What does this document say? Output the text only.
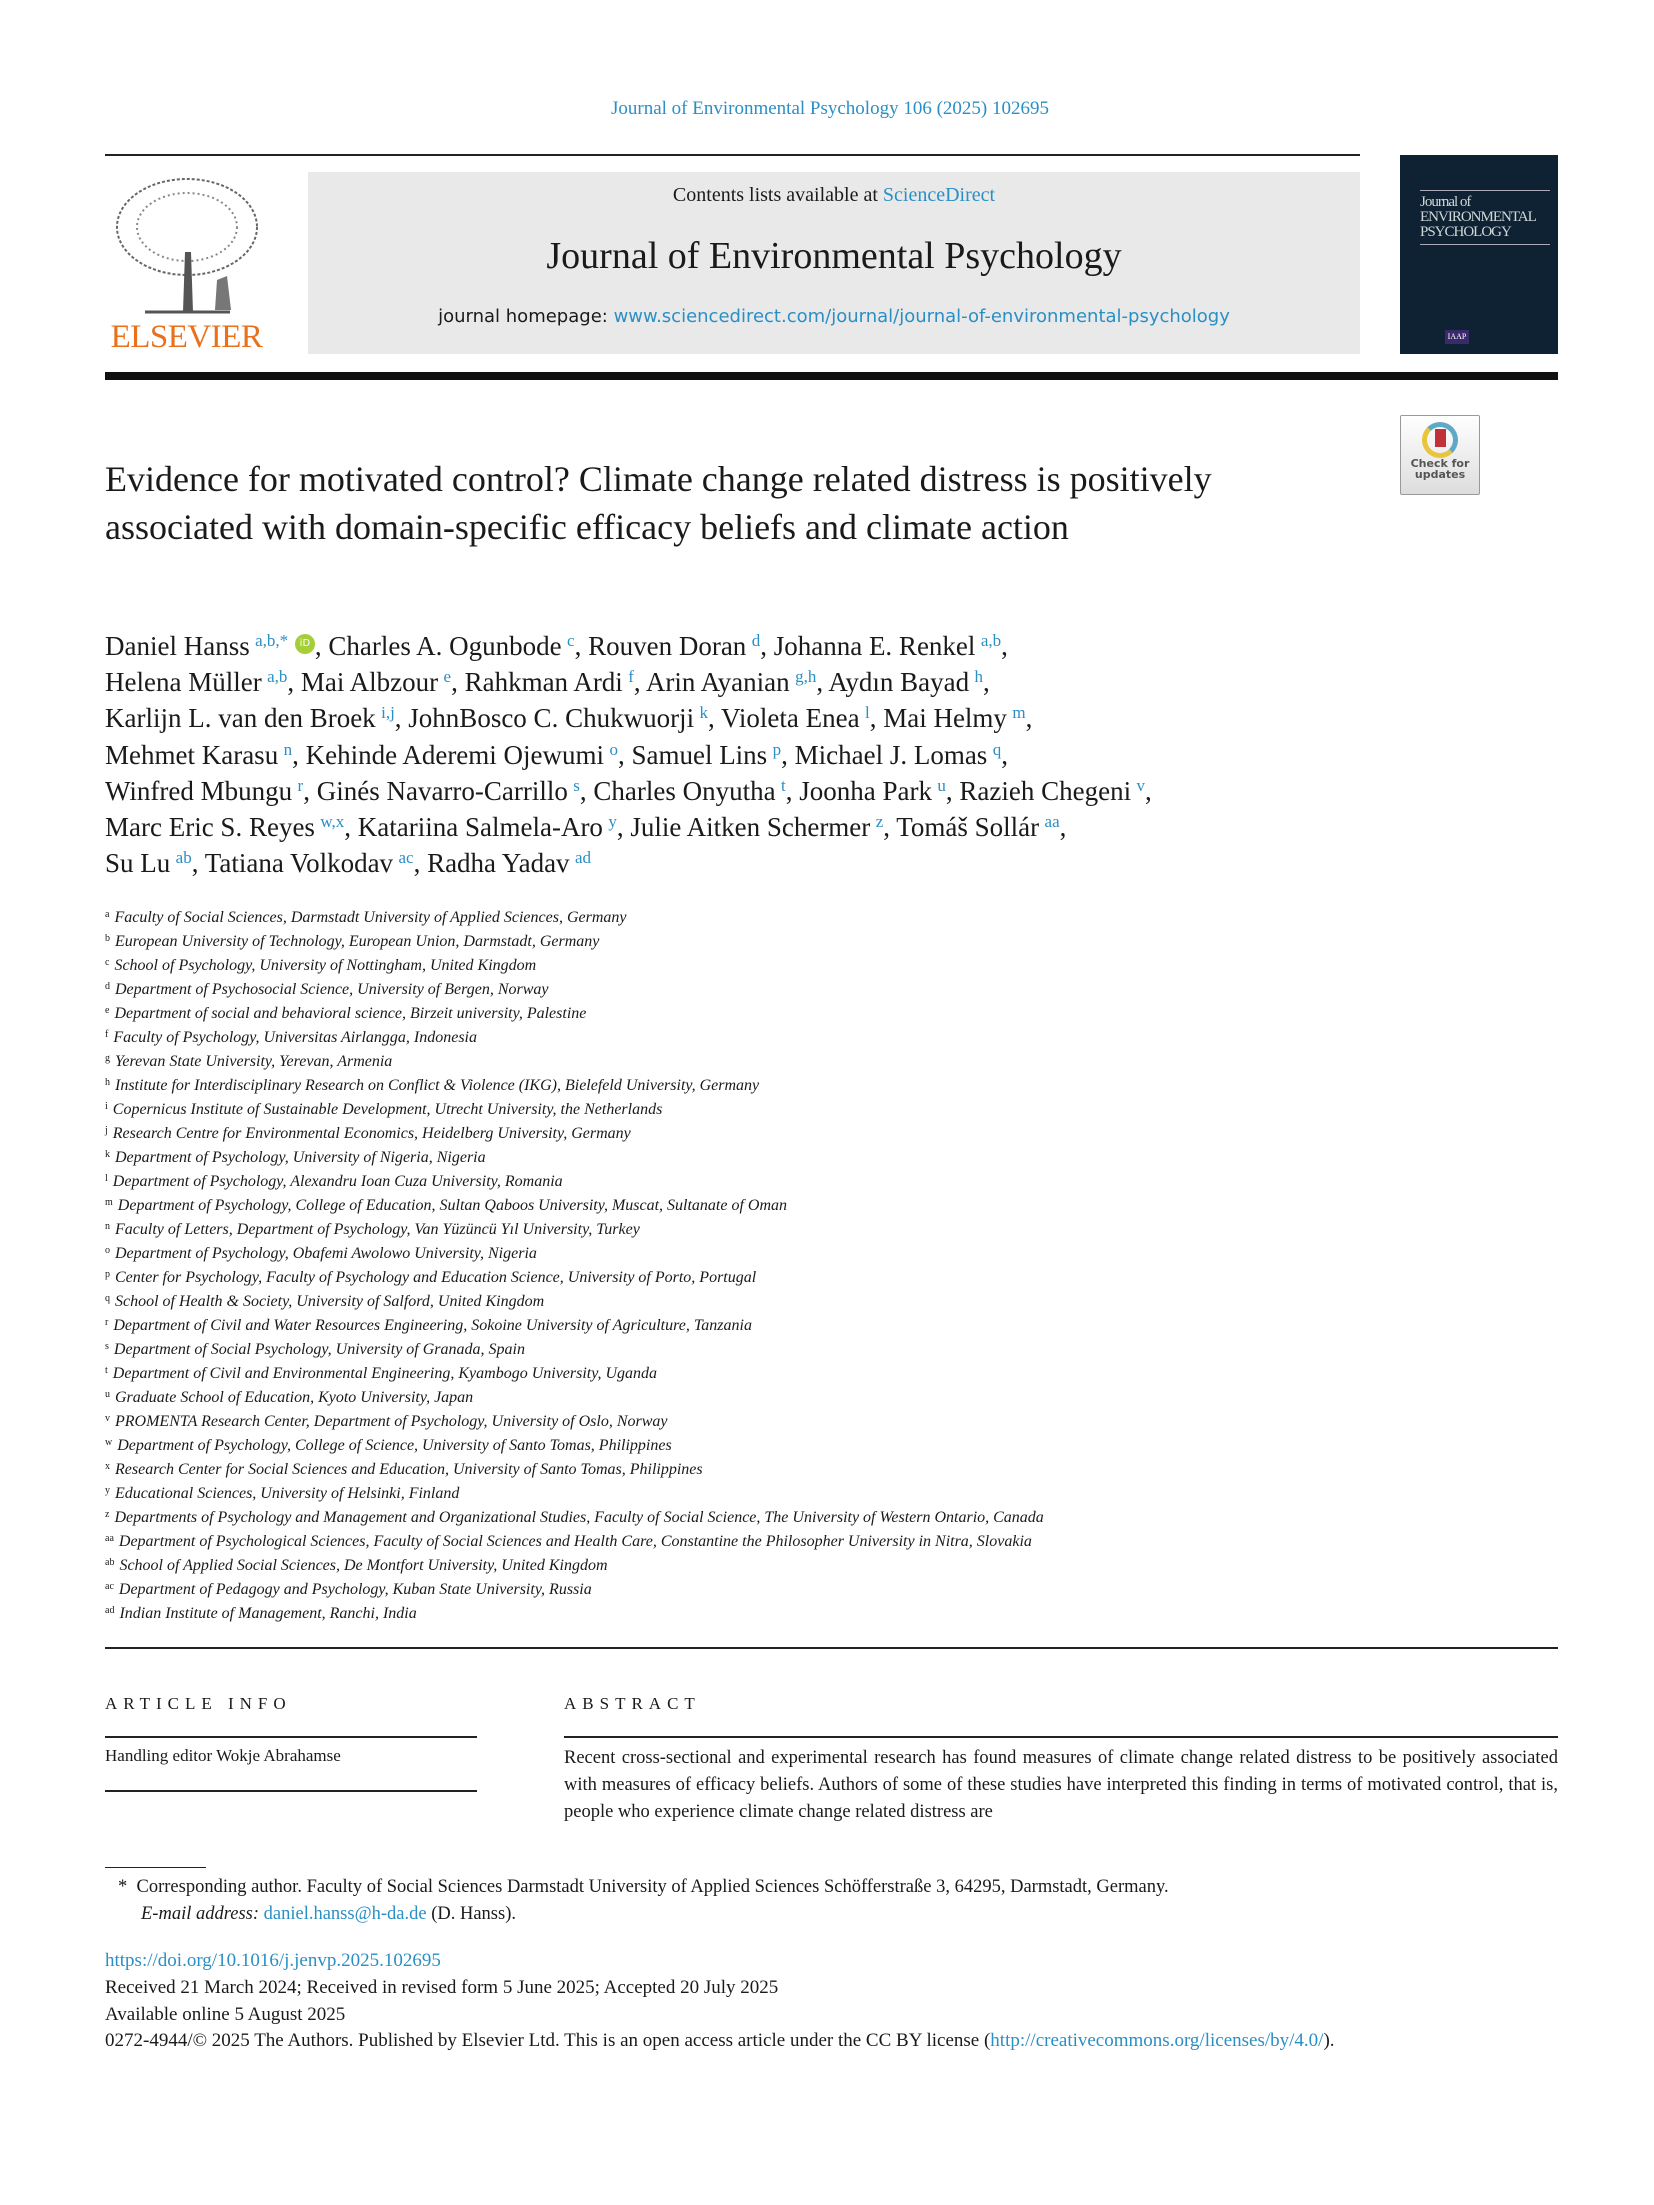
Journal of Environmental Psychology 106 (2025) 102695
ELSEVIER
Contents lists available at ScienceDirect
Journal of Environmental Psychology
journal homepage: www.sciencedirect.com/journal/journal-of-environmental-psychology
Journal of ENVIRONMENTAL PSYCHOLOGY
IAAP
Check for updates
Evidence for motivated control? Climate change related distress is positively associated with domain-specific efficacy beliefs and climate action
Daniel Hanss  $^{a,b,*}$ iD , Charles A. Ogunbode  $^c$, Rouven Doran  $^d$, Johanna E. Renkel  $^{a,b}$,
Helena Müller  $^{a,b}$, Mai Albzour  $^e$, Rahkman Ardi  $^f$, Arin Ayanian  $^{g,h}$, Aydın Bayad  $^h$,
Karlijn L. van den Broek  $^{i,j}$, JohnBosco C. Chukwuorji  $^k$, Violeta Enea  $^l$, Mai Helmy  $^m$,
Mehmet Karasu  $^n$, Kehinde Aderemi Ojewumi  $^o$, Samuel Lins  $^p$, Michael J. Lomas  $^q$,
Winfred Mbungu  $^r$, Ginés Navarro-Carrillo  $^s$, Charles Onyutha  $^t$, Joonha Park  $^u$, Razieh Chegeni  $^v$,
Marc Eric S. Reyes  $^{w,x}$, Katariina Salmela-Aro  $^y$, Julie Aitken Schermer  $^z$, Tomáš Sollár  $^{aa}$,
Su Lu  $^{ab}$, Tatiana Volkodav  $^{ac}$, Radha Yadav  $^{ad}$
$^a$ Faculty of Social Sciences, Darmstadt University of Applied Sciences, Germany
$^b$ European University of Technology, European Union, Darmstadt, Germany
$^c$ School of Psychology, University of Nottingham, United Kingdom
$^d$ Department of Psychosocial Science, University of Bergen, Norway
$^e$ Department of social and behavioral science, Birzeit university, Palestine
$^f$ Faculty of Psychology, Universitas Airlangga, Indonesia
$^g$ Yerevan State University, Yerevan, Armenia
$^h$ Institute for Interdisciplinary Research on Conflict & Violence (IKG), Bielefeld University, Germany
$^i$ Copernicus Institute of Sustainable Development, Utrecht University, the Netherlands
$^j$ Research Centre for Environmental Economics, Heidelberg University, Germany
$^k$ Department of Psychology, University of Nigeria, Nigeria
$^l$ Department of Psychology, Alexandru Ioan Cuza University, Romania
$^m$ Department of Psychology, College of Education, Sultan Qaboos University, Muscat, Sultanate of Oman
$^n$ Faculty of Letters, Department of Psychology, Van Yüzüncü Yıl University, Turkey
$^o$ Department of Psychology, Obafemi Awolowo University, Nigeria
$^p$ Center for Psychology, Faculty of Psychology and Education Science, University of Porto, Portugal
$^q$ School of Health & Society, University of Salford, United Kingdom
$^r$ Department of Civil and Water Resources Engineering, Sokoine University of Agriculture, Tanzania
$^s$ Department of Social Psychology, University of Granada, Spain
$^t$ Department of Civil and Environmental Engineering, Kyambogo University, Uganda
$^u$ Graduate School of Education, Kyoto University, Japan
$^v$ PROMENTA Research Center, Department of Psychology, University of Oslo, Norway
$^w$ Department of Psychology, College of Science, University of Santo Tomas, Philippines
$^x$ Research Center for Social Sciences and Education, University of Santo Tomas, Philippines
$^y$ Educational Sciences, University of Helsinki, Finland
$^z$ Departments of Psychology and Management and Organizational Studies, Faculty of Social Science, The University of Western Ontario, Canada
$^{aa}$ Department of Psychological Sciences, Faculty of Social Sciences and Health Care, Constantine the Philosopher University in Nitra, Slovakia
$^{ab}$ School of Applied Social Sciences, De Montfort University, United Kingdom
$^{ac}$ Department of Pedagogy and Psychology, Kuban State University, Russia
$^{ad}$ Indian Institute of Management, Ranchi, India
ARTICLE INFO
Handling editor Wokje Abrahamse
ABSTRACT
Recent cross-sectional and experimental research has found measures of climate change related distress to be positively associated with measures of efficacy beliefs. Authors of some of these studies have interpreted this finding in terms of motivated control, that is, people who experience climate change related distress are
* Corresponding author. Faculty of Social Sciences Darmstadt University of Applied Sciences Schöfferstraße 3, 64295, Darmstadt, Germany.
E-mail address: daniel.hanss@h-da.de (D. Hanss).
https://doi.org/10.1016/j.jenvp.2025.102695
Received 21 March 2024; Received in revised form 5 June 2025; Accepted 20 July 2025
Available online 5 August 2025
0272-4944/© 2025 The Authors. Published by Elsevier Ltd. This is an open access article under the CC BY license (http://creativecommons.org/licenses/by/4.0/).
